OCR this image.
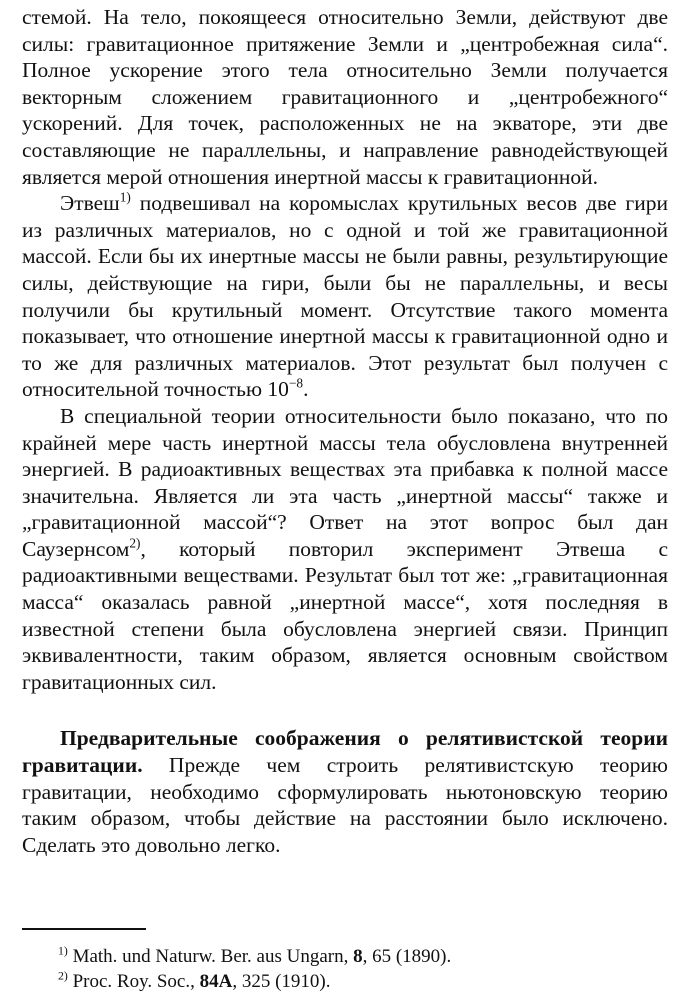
стемой. На тело, покоящееся относительно Земли, действуют две силы: гравитационное притяжение Земли и „центробежная сила“. Полное ускорение этого тела относительно Земли получается векторным сложением гравитационного и „центробежного“ ускорений. Для точек, расположенных не на экваторе, эти две составляющие не параллельны, и направление равнодействующей является мерой отношения инертной массы к гравитационной.

Этвеш$^{1)}$ подвешивал на коромыслах крутильных весов две гири из различных материалов, но с одной и той же гравитационной массой. Если бы их инертные массы не были равны, результирующие силы, действующие на гири, были бы не параллельны, и весы получили бы крутильный момент. Отсутствие такого момента показывает, что отношение инертной массы к гравитационной одно и то же для различных материалов. Этот результат был получен с относительной точностью $10^{-8}$.

В специальной теории относительности было показано, что по крайней мере часть инертной массы тела обусловлена внутренней энергией. В радиоактивных веществах эта прибавка к полной массе значительна. Является ли эта часть „инертной массы“ также и „гравитационной массой“? Ответ на этот вопрос был дан Саузернсом$^{2)}$, который повторил эксперимент Этвеша с радиоактивными веществами. Результат был тот же: „гравитационная масса“ оказалась равной „инертной массе“, хотя последняя в известной степени была обусловлена энергией связи. Принцип эквивалентности, таким образом, является основным свойством гравитационных сил.

Предварительные соображения о релятивистской теории гравитации. Прежде чем строить релятивистскую теорию гравитации, необходимо сформулировать ньютоновскую теорию таким образом, чтобы действие на расстоянии было исключено. Сделать это довольно легко.

$^{1)}$ Math. und Naturw. Ber. aus Ungarn, 8, 65 (1890).

$^{2)}$ Proc. Roy. Soc., 84A, 325 (1910).
